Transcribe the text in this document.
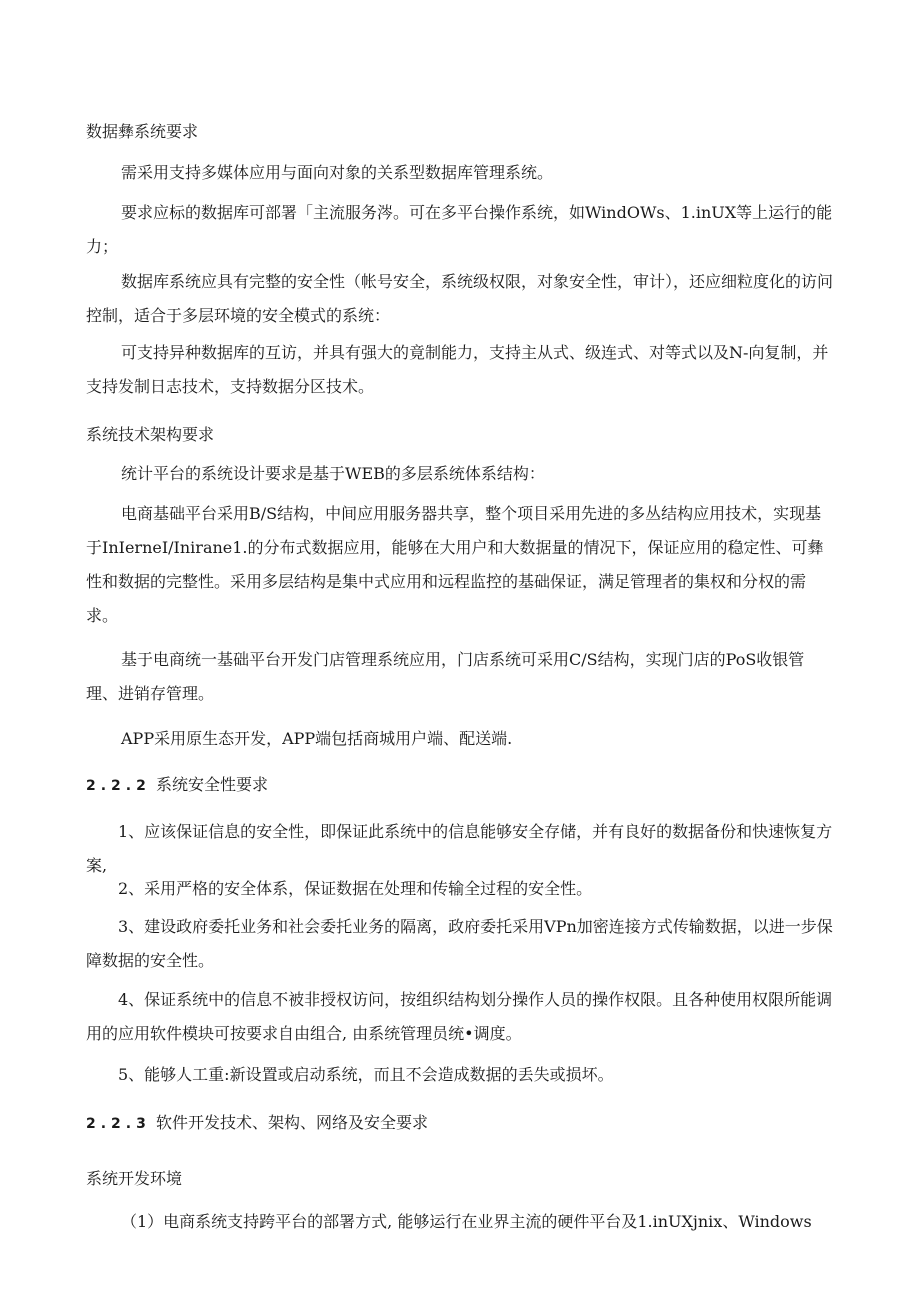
数据彝系统要求

需采用支持多媒体应用与面向对象的关系型数据库管理系统。

要求应标的数据库可部署「主流服务涔。可在多平台操作系统，如WindOWs、1.inUX等上运行的能力；

数据库系统应具有完整的安全性（帐号安全，系统级权限，对象安全性，审计），还应细粒度化的访问控制，适合于多层环境的安全模式的系统：

可支持异种数据库的互访，并具有强大的竟制能力，支持主从式、级连式、对等式以及N-向复制，并支持发制日志技术，支持数据分区技术。

系统技术架构要求

统计平台的系统设计要求是基于WEB的多层系统体系结构：

电商基础平台采用B/S结构，中间应用服务器共享，整个项目采用先进的多丛结构应用技术，实现基于InIerneI/Inirane1.的分布式数据应用，能够在大用户和大数据量的情况下，保证应用的稳定性、可彝性和数据的完整性。采用多层结构是集中式应用和远程监控的基础保证，满足管理者的集权和分权的需求。

基于电商统一基础平台开发门店管理系统应用，门店系统可采用C/S结构，实现门店的PoS收银管理、进销存管理。

APP采用原生态开发，APP端包括商城用户端、配送端.

2.2.2 系统安全性要求

1、应该保证信息的安全性，即保证此系统中的信息能够安全存储，并有良好的数据备份和快速恢复方案,

2、采用严格的安全体系，保证数据在处理和传输全过程的安全性。

3、建设政府委托业务和社会委托业务的隔离，政府委托采用VPn加密连接方式传输数据，以进一步保障数据的安全性。

4、保证系统中的信息不被非授权访问，按组织结构划分操作人员的操作权限。且各种使用权限所能调用的应用软件模块可按要求自由组合, 由系统管理员统•调度。

5、能够人工重:新设置或启动系统，而且不会造成数据的丢失或损坏。

2.2.3 软件开发技术、架构、网络及安全要求

系统开发环境

（1）电商系统支持跨平台的部署方式, 能够运行在业界主流的硬件平台及1.inUXjnix、Windows
